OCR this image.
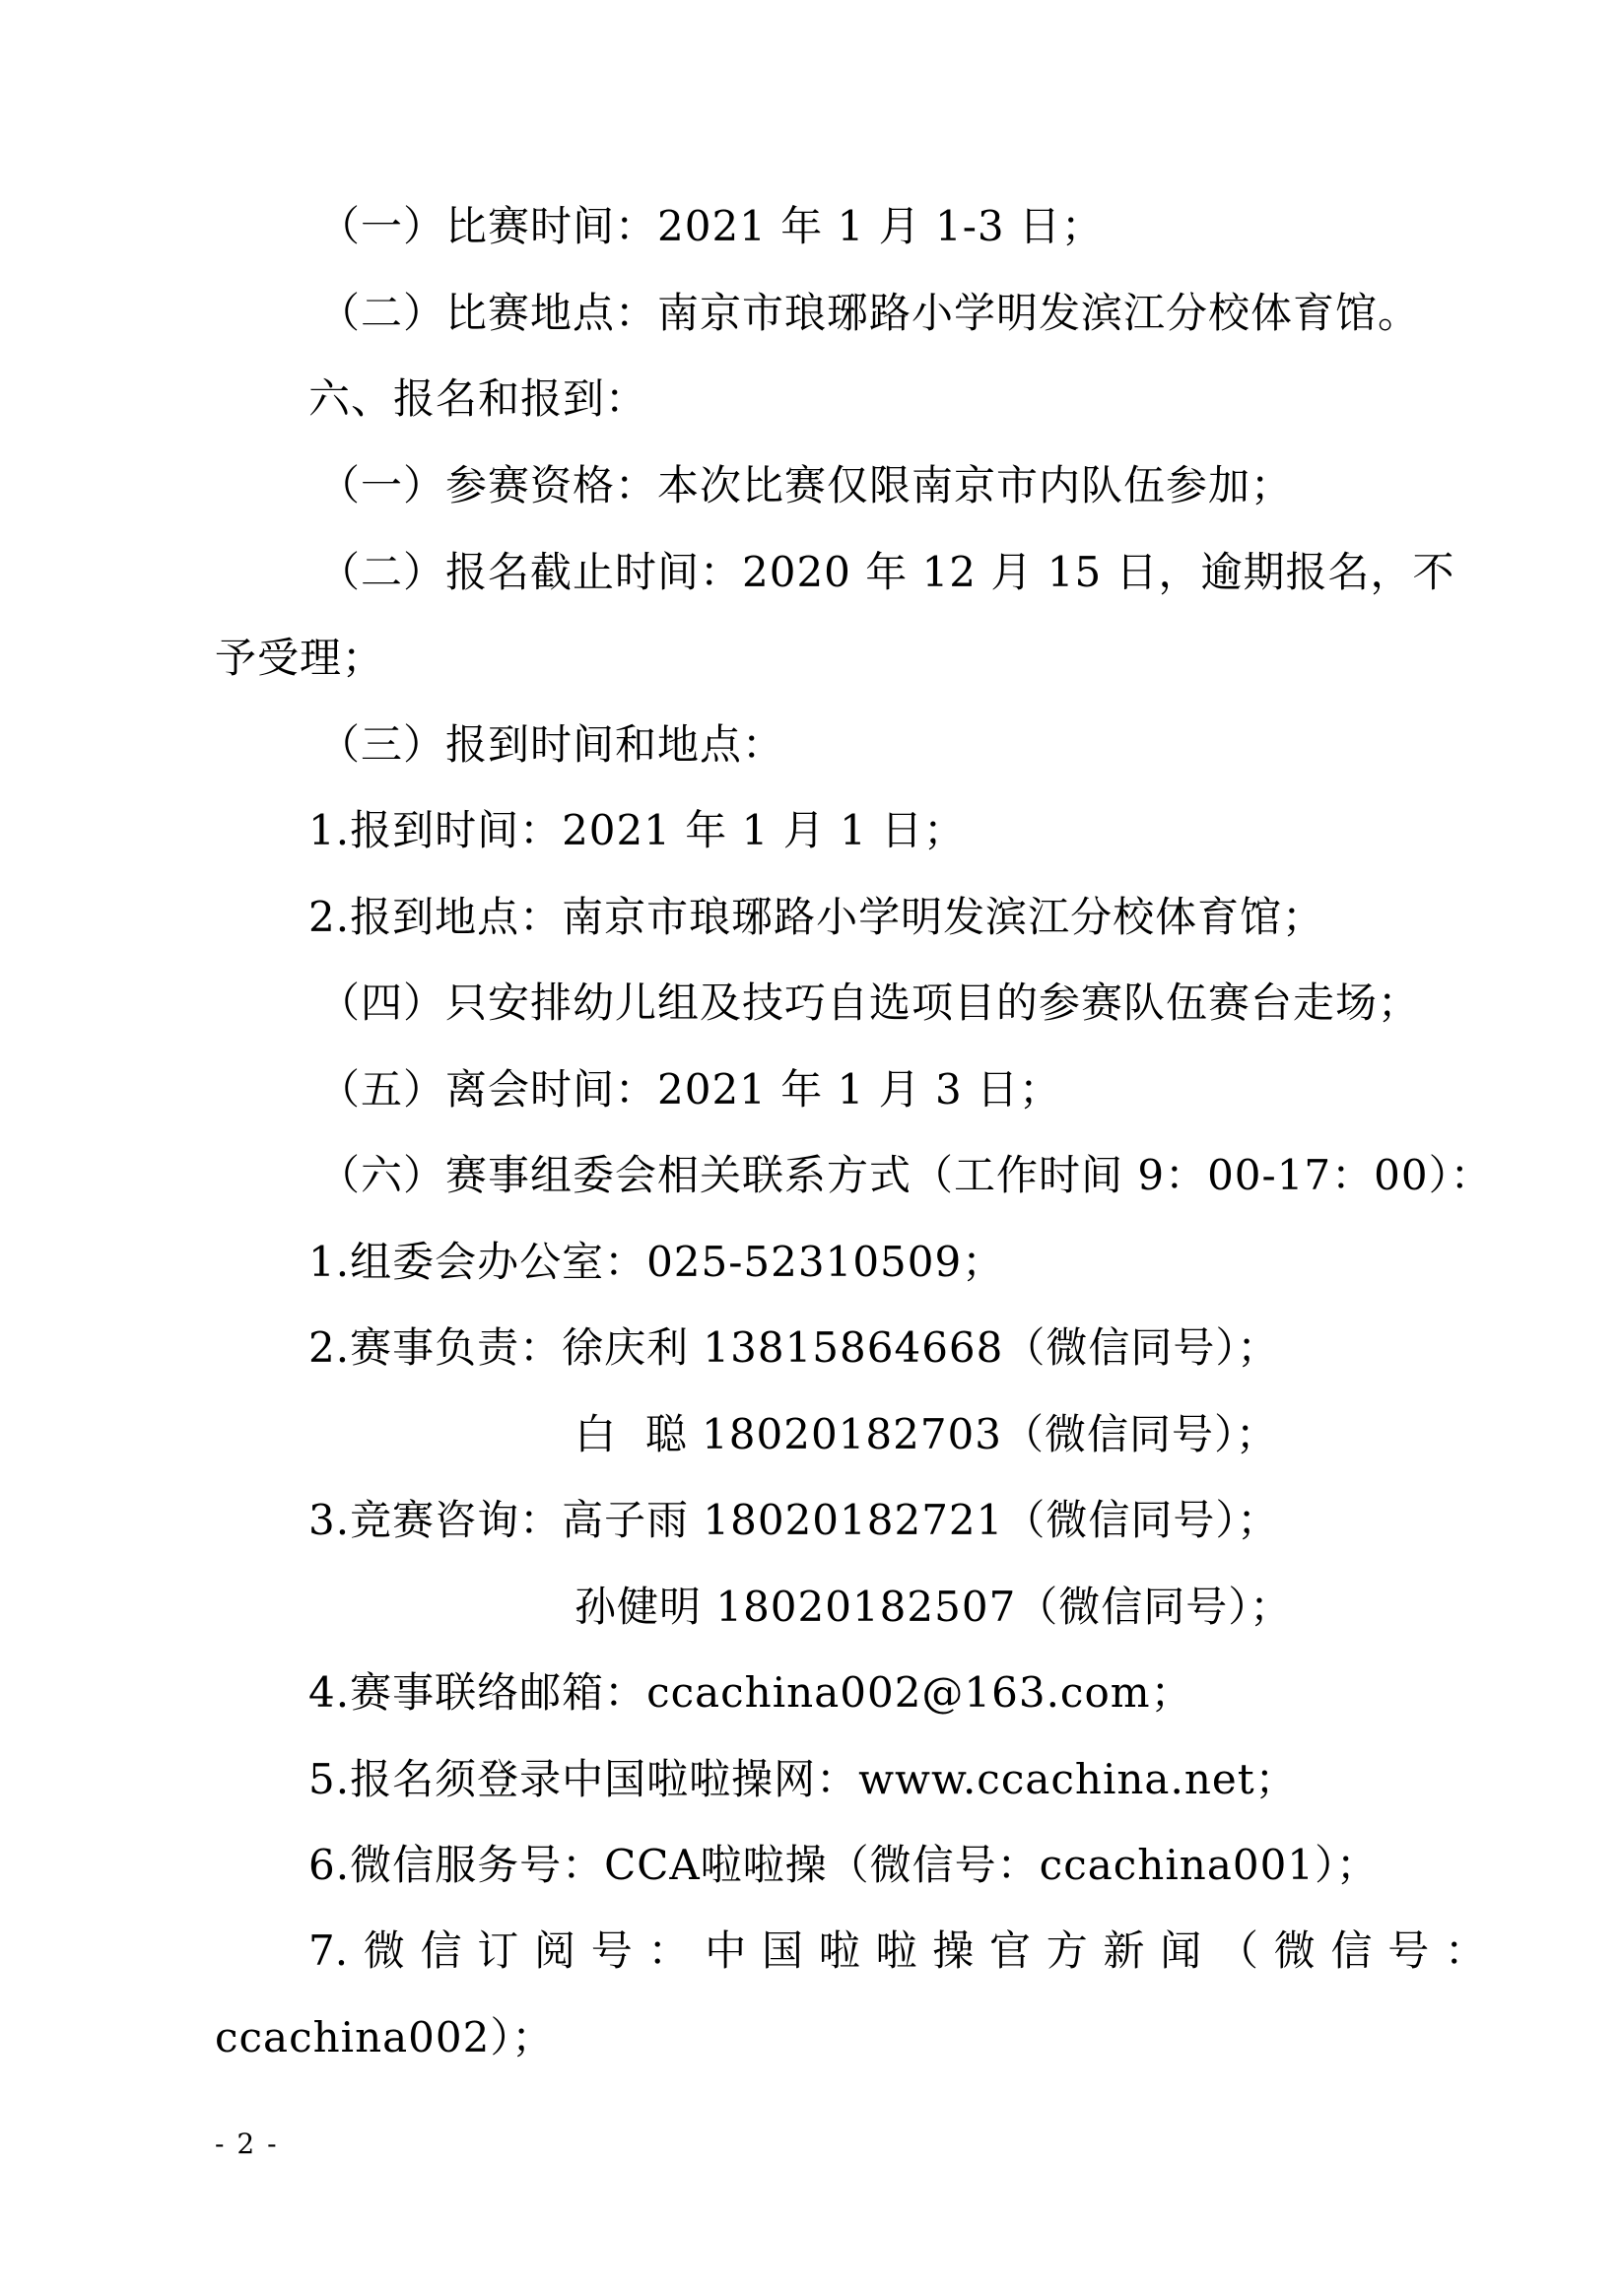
（一）比赛时间：2021 年 1 月 1-3 日；
（二）比赛地点：南京市琅琊路小学明发滨江分校体育馆。
六、报名和报到：
（一）参赛资格：本次比赛仅限南京市内队伍参加；
（二）报名截止时间：2020 年 12 月 15 日，逾期报名，不
予受理；
（三）报到时间和地点：
1.报到时间：2021 年 1 月 1 日；
2.报到地点：南京市琅琊路小学明发滨江分校体育馆；
（四）只安排幼儿组及技巧自选项目的参赛队伍赛台走场；
（五）离会时间：2021 年 1 月 3 日；
（六）赛事组委会相关联系方式（工作时间 9：00-17：00）：
1.组委会办公室：025-52310509；
2.赛事负责：徐庆利 13815864668（微信同号）；
白  聪 18020182703（微信同号）；
3.竞赛咨询：高子雨 18020182721（微信同号）；
孙健明 18020182507（微信同号）；
4.赛事联络邮箱：ccachina002@163.com；
5.报名须登录中国啦啦操网：www.ccachina.net；
6.微信服务号：CCA啦啦操（微信号：ccachina001）；
7.微信订阅号：中国啦啦操官方新闻（微信号：
ccachina002）；
- 2 -
